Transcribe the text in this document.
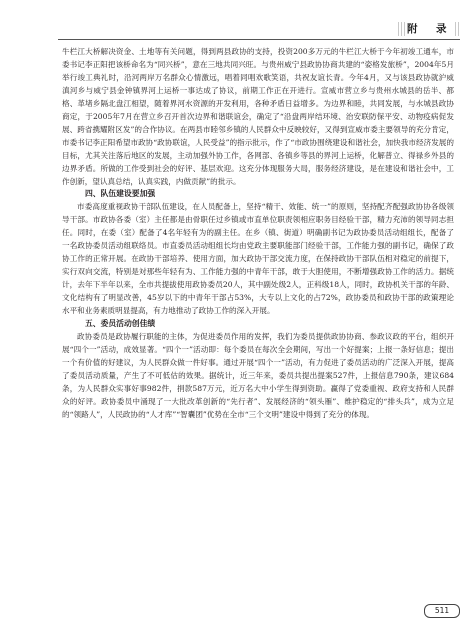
附　录

牛栏江大桥解决资金、土地等有关问题，得到两县政协的支持，投资200多万元的牛栏江大桥于今年初竣工通车，市委书记李正阳把该桥命名为“同兴桥”，意在三地共同兴旺。与贵州威宁县政协协商共建的“姿格发旅桥”，2004年5月举行竣工典礼时，沿河两岸万名群众心情激远，唱着同唱欢歌笑语，共祝友谊长青。今年4月，又与该县政协就沪威滇河乡与威宁县金钟镇界河上运桥一事达成了协议，前期工作正在开进行。宣威市营立乡与贵州水城县的岳半、都格、革堵乡隔北盘江相望，随着界河水资源的开发利用，各种矛盾日益增多。为边界和睦，共同发展，与水城县政协商定，于2005年7月在营立乡召开首次边界和谐联谊会，确定了“沿盘两岸结环境、治安联防保平安、动物疫病促发展、跨省携耀附区发”的合作协议。在两县市睦邻乡镇的人民群众中反映较好，又得到宣威市委主要领导的充分肯定，市委书记李正阳希望市政协“政协联谊，人民受益”的指示批示，作了“市政协围绕建设和谐社会，加快我市经济发展的目标，尤其关注落后地区的发展，主动加强外协工作，各网部、各镇乡等县的界河上运桥，化解普立、得禄乡外县的边界矛盾。所做的工作受到社会的好评、基层欢迎。这充分体现服务大局，服务经济建设，是在建设和谐社会中，工作创新，望认真总结，认真实践，内做贡献”的批示。

四、队伍建设要加强

市委高度重视政协干部队伍建设，在人员配备上，坚持“精干、效能、统一”的原则，坚持配齐配强政协协各级领导干部。市政协各委（室）主任都是由骨职任过乡镇或市直单位职责领相应职务目经验干部，精力充沛的领导同志担任。同时，在委（室）配备了4名年轻有为的副主任。在乡（镇、街道）明确副书记为政协委员活动组组长，配备了一名政协委员活动组联络员。市直委员活动组组长均由党政主要职能部门经验干部，工作能力强的副书记，确保了政协工作的正常开展。在政协干部培养、使用方面，加大政协干部交流力度，在保持政协干部队伍相对稳定的前提下，实行双向交流，特别是対那些年轻有为、工作能力强的中青年干部，敢于大胆使用，不断增强政协工作的活力。据统计，去年下半年以来，全市共提拔使用政协委员20人，其中副处级2人，正科级18人，同时，政协机关干部的年龄、文化结构有了明显改善，45岁以下的中青年干部占53%，大专以上文化的占72%，政协委员和政协干部的政策理论水平和业务素质明显提高，有力地推动了政协工作的深入开展。

五、委员活动创佳绩

政协委员是政协履行职能的主体，为促进委员作用的发挥，我们为委员提供政协协商、参政议政的平台，组织开展“四个一”活动，成效显著。“四个一”活动即：每个委员在每次全会期间，写出一个好提案；上报一条好信息；提出一个有价值的好建议，为人民群众做一件好事。通过开展“四个一”活动，有力促进了委员活动的广泛深入开展，提高了委员活动质量，产生了不可低估的效果。据统计，近三年来，委员共提出提案527件，上报信息790条，建议684条，为人民群众实事好事982件，捐款587万元，近万名大中小学生得到资助。赢得了党委重视、政府支持和人民群众的好评。政协委员中涌现了一大批改革创新的“先行者”、发展经济的“领头雁”、维护稳定的“排头兵”，成为立足的“领路人”，人民政协的“人才库”“智囊团”优势在全市“三个文明”建设中得到了充分的体现。

511
